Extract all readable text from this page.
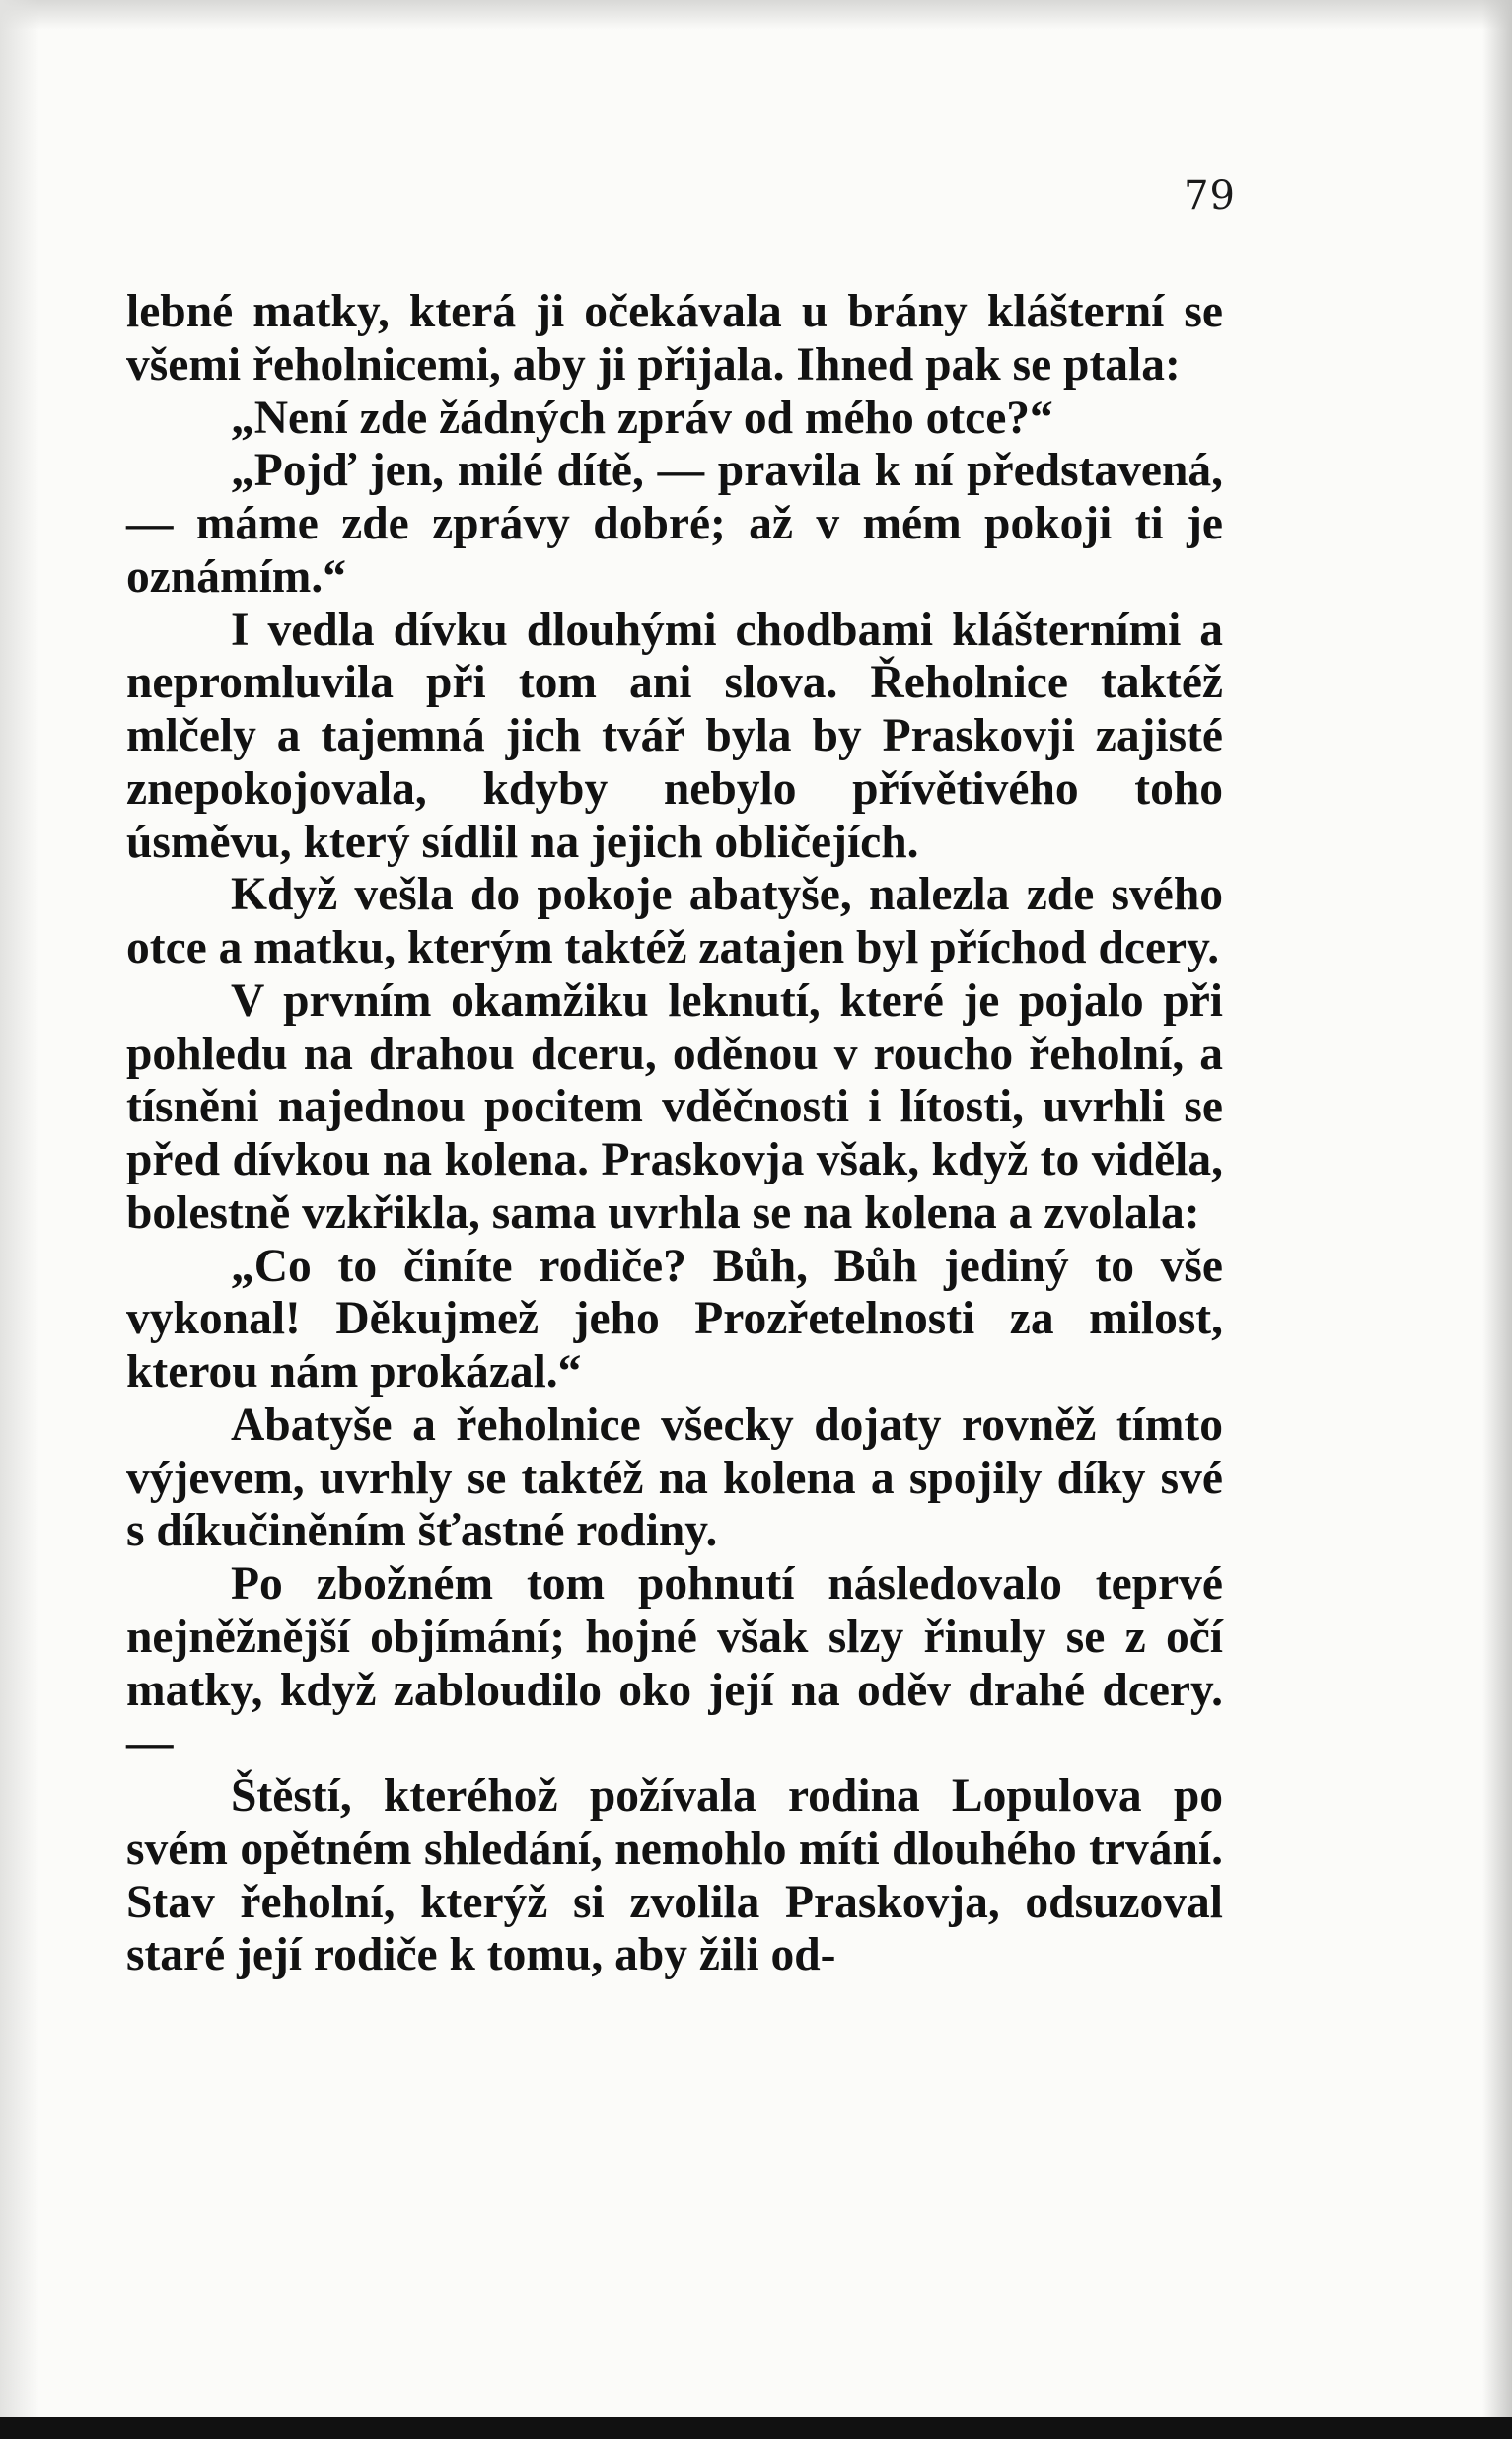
79

lebné matky, která ji očekávala u brány klášterní se všemi řeholnicemi, aby ji přijala. Ihned pak se ptala:

„Není zde žádných zpráv od mého otce?“

„Pojď jen, milé dítě, — pravila k ní představená, — máme zde zprávy dobré; až v mém pokoji ti je oznámím.“

I vedla dívku dlouhými chodbami klášterními a nepromluvila při tom ani slova. Řeholnice taktéž mlčely a tajemná jich tvář byla by Praskovji zajisté znepokojovala, kdyby nebylo přívětivého toho úsměvu, který sídlil na jejich obličejích.

Když vešla do pokoje abatyše, nalezla zde svého otce a matku, kterým taktéž zatajen byl příchod dcery.

V prvním okamžiku leknutí, které je pojalo při pohledu na drahou dceru, oděnou v roucho řeholní, a tísněni najednou pocitem vděčnosti i lítosti, uvrhli se před dívkou na kolena. Praskovja však, když to viděla, bolestně vzkřikla, sama uvrhla se na kolena a zvolala:

„Co to činíte rodiče? Bůh, Bůh jediný to vše vykonal! Děkujmež jeho Prozřetelnosti za milost, kterou nám prokázal.“

Abatyše a řeholnice všecky dojaty rovněž tímto výjevem, uvrhly se taktéž na kolena a spojily díky své s díkučiněním šťastné rodiny.

Po zbožném tom pohnutí následovalo teprvé nejněžnější objímání; hojné však slzy řinuly se z očí matky, když zabloudilo oko její na oděv drahé dcery. —

Štěstí, kteréhož požívala rodina Lopulova po svém opětném shledání, nemohlo míti dlouhého trvání. Stav řeholní, kterýž si zvolila Praskovja, odsuzoval staré její rodiče k tomu, aby žili od-
